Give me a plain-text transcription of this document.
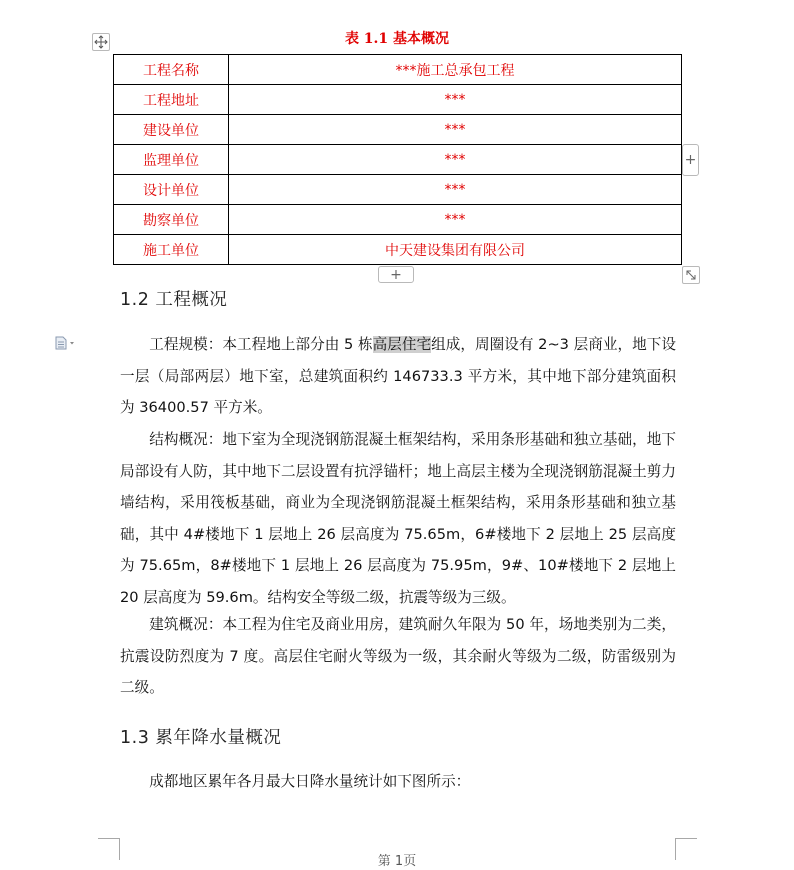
表 1.1 基本概况
工程名称	***施工总承包工程
工程地址	***
建设单位	***
监理单位	***
设计单位	***
勘察单位	***
施工单位	中天建设集团有限公司
+
+
1.2 工程概况

工程规模：本工程地上部分由 5 栋高层住宅组成，周圈设有 2~3 层商业，地下设一层（局部两层）地下室，总建筑面积约 146733.3 平方米，其中地下部分建筑面积为 36400.57 平方米。

结构概况：地下室为全现浇钢筋混凝土框架结构，采用条形基础和独立基础，地下局部设有人防，其中地下二层设置有抗浮锚杆；地上高层主楼为全现浇钢筋混凝土剪力墙结构，采用筏板基础，商业为全现浇钢筋混凝土框架结构，采用条形基础和独立基础，其中 4#楼地下 1 层地上 26 层高度为 75.65m，6#楼地下 2 层地上 25 层高度为 75.65m，8#楼地下 1 层地上 26 层高度为 75.95m，9#、10#楼地下 2 层地上 20 层高度为 59.6m。结构安全等级二级，抗震等级为三级。

建筑概况：本工程为住宅及商业用房，建筑耐久年限为 50 年，场地类别为二类，抗震设防烈度为 7 度。高层住宅耐火等级为一级，其余耐火等级为二级，防雷级别为二级。

1.3 累年降水量概况

成都地区累年各月最大日降水量统计如下图所示：

第 1页
